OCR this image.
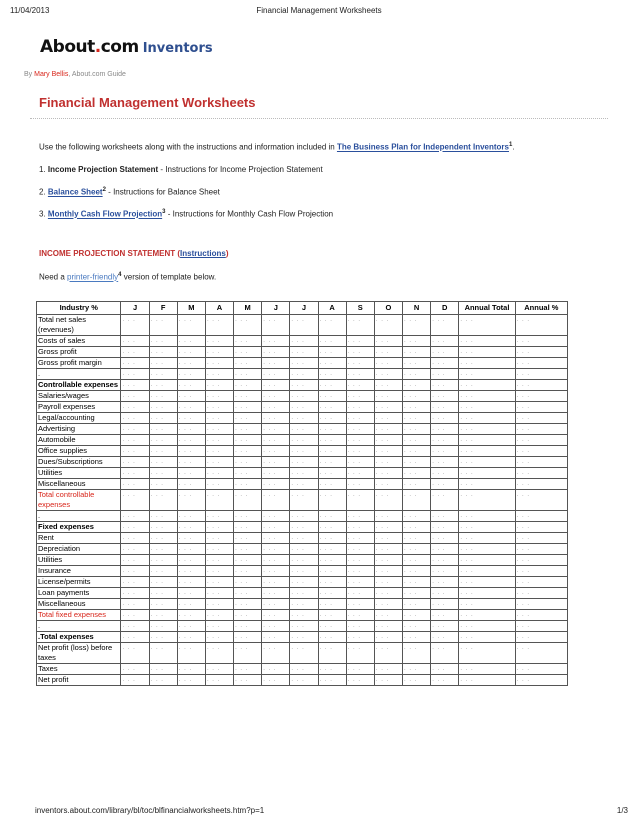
11/04/2013	Financial Management Worksheets
About.com Inventors
By Mary Bellis, About.com Guide
Financial Management Worksheets
Use the following worksheets along with the instructions and information included in The Business Plan for Independent Inventors$^1$.
1. Income Projection Statement - Instructions for Income Projection Statement
2. Balance Sheet$^2$ - Instructions for Balance Sheet
3. Monthly Cash Flow Projection$^3$ - Instructions for Monthly Cash Flow Projection
INCOME PROJECTION STATEMENT (Instructions)
Need a printer-friendly$^4$ version of template below.
Industry %	J	F	M	A	M	J	J	A	S	O	N	D	Annual Total	Annual %
Total net sales (revenues)	. . .	. . .	. . .	. . .	. . .	. . .	. . .	. . .	. . .	. . .	. . .	. . .	. . .	. . .
Costs of sales	. . .	. . .	. . .	. . .	. . .	. . .	. . .	. . .	. . .	. . .	. . .	. . .	. . .	. . .
Gross profit	. . .	. . .	. . .	. . .	. . .	. . .	. . .	. . .	. . .	. . .	. . .	. . .	. . .	. . .
Gross profit margin	. . .	. . .	. . .	. . .	. . .	. . .	. . .	. . .	. . .	. . .	. . .	. . .	. . .	. . .
.	. . .	. . .	. . .	. . .	. . .	. . .	. . .	. . .	. . .	. . .	. . .	. . .	. . .	. . .
Controllable expenses	. . .	. . .	. . .	. . .	. . .	. . .	. . .	. . .	. . .	. . .	. . .	. . .	. . .	. . .
Salaries/wages	. . .	. . .	. . .	. . .	. . .	. . .	. . .	. . .	. . .	. . .	. . .	. . .	. . .	. . .
Payroll expenses	. . .	. . .	. . .	. . .	. . .	. . .	. . .	. . .	. . .	. . .	. . .	. . .	. . .	. . .
Legal/accounting	. . .	. . .	. . .	. . .	. . .	. . .	. . .	. . .	. . .	. . .	. . .	. . .	. . .	. . .
Advertising	. . .	. . .	. . .	. . .	. . .	. . .	. . .	. . .	. . .	. . .	. . .	. . .	. . .	. . .
Automobile	. . .	. . .	. . .	. . .	. . .	. . .	. . .	. . .	. . .	. . .	. . .	. . .	. . .	. . .
Office supplies	. . .	. . .	. . .	. . .	. . .	. . .	. . .	. . .	. . .	. . .	. . .	. . .	. . .	. . .
Dues/Subscriptions	. . .	. . .	. . .	. . .	. . .	. . .	. . .	. . .	. . .	. . .	. . .	. . .	. . .	. . .
Utilities	. . .	. . .	. . .	. . .	. . .	. . .	. . .	. . .	. . .	. . .	. . .	. . .	. . .	. . .
Miscellaneous	. . .	. . .	. . .	. . .	. . .	. . .	. . .	. . .	. . .	. . .	. . .	. . .	. . .	. . .
Total controllable expenses	. . .	. . .	. . .	. . .	. . .	. . .	. . .	. . .	. . .	. . .	. . .	. . .	. . .	. . .
.	. . .	. . .	. . .	. . .	. . .	. . .	. . .	. . .	. . .	. . .	. . .	. . .	. . .	. . .
Fixed expenses	. . .	. . .	. . .	. . .	. . .	. . .	. . .	. . .	. . .	. . .	. . .	. . .	. . .	. . .
Rent	. . .	. . .	. . .	. . .	. . .	. . .	. . .	. . .	. . .	. . .	. . .	. . .	. . .	. . .
Depreciation	. . .	. . .	. . .	. . .	. . .	. . .	. . .	. . .	. . .	. . .	. . .	. . .	. . .	. . .
Utilities	. . .	. . .	. . .	. . .	. . .	. . .	. . .	. . .	. . .	. . .	. . .	. . .	. . .	. . .
Insurance	. . .	. . .	. . .	. . .	. . .	. . .	. . .	. . .	. . .	. . .	. . .	. . .	. . .	. . .
License/permits	. . .	. . .	. . .	. . .	. . .	. . .	. . .	. . .	. . .	. . .	. . .	. . .	. . .	. . .
Loan payments	. . .	. . .	. . .	. . .	. . .	. . .	. . .	. . .	. . .	. . .	. . .	. . .	. . .	. . .
Miscellaneous	. . .	. . .	. . .	. . .	. . .	. . .	. . .	. . .	. . .	. . .	. . .	. . .	. . .	. . .
Total fixed expenses	. . .	. . .	. . .	. . .	. . .	. . .	. . .	. . .	. . .	. . .	. . .	. . .	. . .	. . .
.	. . .	. . .	. . .	. . .	. . .	. . .	. . .	. . .	. . .	. . .	. . .	. . .	. . .	. . .
.Total expenses	. . .	. . .	. . .	. . .	. . .	. . .	. . .	. . .	. . .	. . .	. . .	. . .	. . .	. . .
Net profit (loss) before taxes	. . .	. . .	. . .	. . .	. . .	. . .	. . .	. . .	. . .	. . .	. . .	. . .	. . .	. . .
Taxes	. . .	. . .	. . .	. . .	. . .	. . .	. . .	. . .	. . .	. . .	. . .	. . .	. . .	. . .
Net profit	. . .	. . .	. . .	. . .	. . .	. . .	. . .	. . .	. . .	. . .	. . .	. . .	. . .	. . .
inventors.about.com/library/bl/toc/blfinancialworksheets.htm?p=1	1/3
